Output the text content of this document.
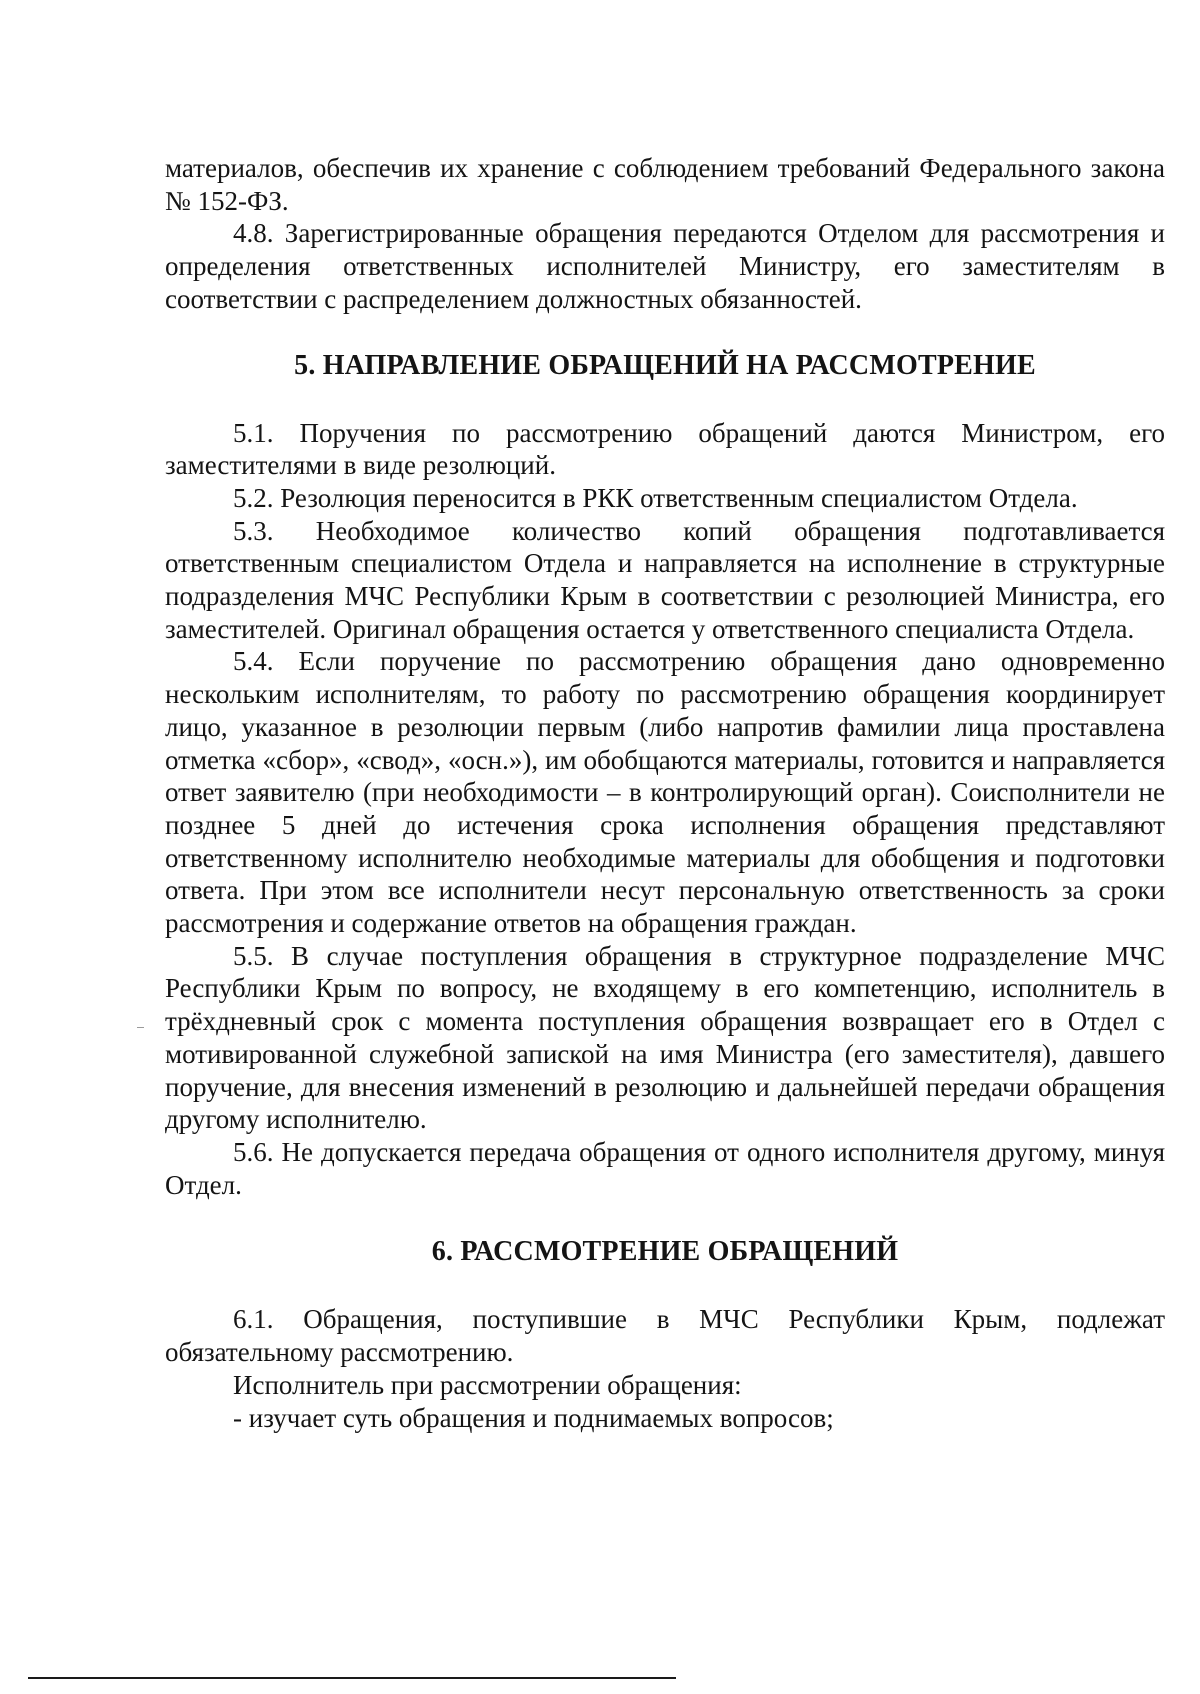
материалов, обеспечив их хранение с соблюдением требований Федерального закона № 152-ФЗ.

4.8. Зарегистрированные обращения передаются Отделом для рассмотрения и определения ответственных исполнителей Министру, его заместителям в соответствии с распределением должностных обязанностей.

5. НАПРАВЛЕНИЕ ОБРАЩЕНИЙ НА РАССМОТРЕНИЕ

5.1. Поручения по рассмотрению обращений даются Министром, его заместителями в виде резолюций.

5.2. Резолюция переносится в РКК ответственным специалистом Отдела.

5.3. Необходимое количество копий обращения подготавливается ответственным специалистом Отдела и направляется на исполнение в структурные подразделения МЧС Республики Крым в соответствии с резолюцией Министра, его заместителей. Оригинал обращения остается у ответственного специалиста Отдела.

5.4. Если поручение по рассмотрению обращения дано одновременно нескольким исполнителям, то работу по рассмотрению обращения координирует лицо, указанное в резолюции первым (либо напротив фамилии лица проставлена отметка «сбор», «свод», «осн.»), им обобщаются материалы, готовится и направляется ответ заявителю (при необходимости – в контролирующий орган). Соисполнители не позднее 5 дней до истечения срока исполнения обращения представляют ответственному исполнителю необходимые материалы для обобщения и подготовки ответа. При этом все исполнители несут персональную ответственность за сроки рассмотрения и содержание ответов на обращения граждан.

5.5. В случае поступления обращения в структурное подразделение МЧС Республики Крым по вопросу, не входящему в его компетенцию, исполнитель в трёхдневный срок с момента поступления обращения возвращает его в Отдел с мотивированной служебной запиской на имя Министра (его заместителя), давшего поручение, для внесения изменений в резолюцию и дальнейшей передачи обращения другому исполнителю.

5.6. Не допускается передача обращения от одного исполнителя другому, минуя Отдел.

6. РАССМОТРЕНИЕ ОБРАЩЕНИЙ

6.1. Обращения, поступившие в МЧС Республики Крым, подлежат обязательному рассмотрению.

Исполнитель при рассмотрении обращения:

- изучает суть обращения и поднимаемых вопросов;
